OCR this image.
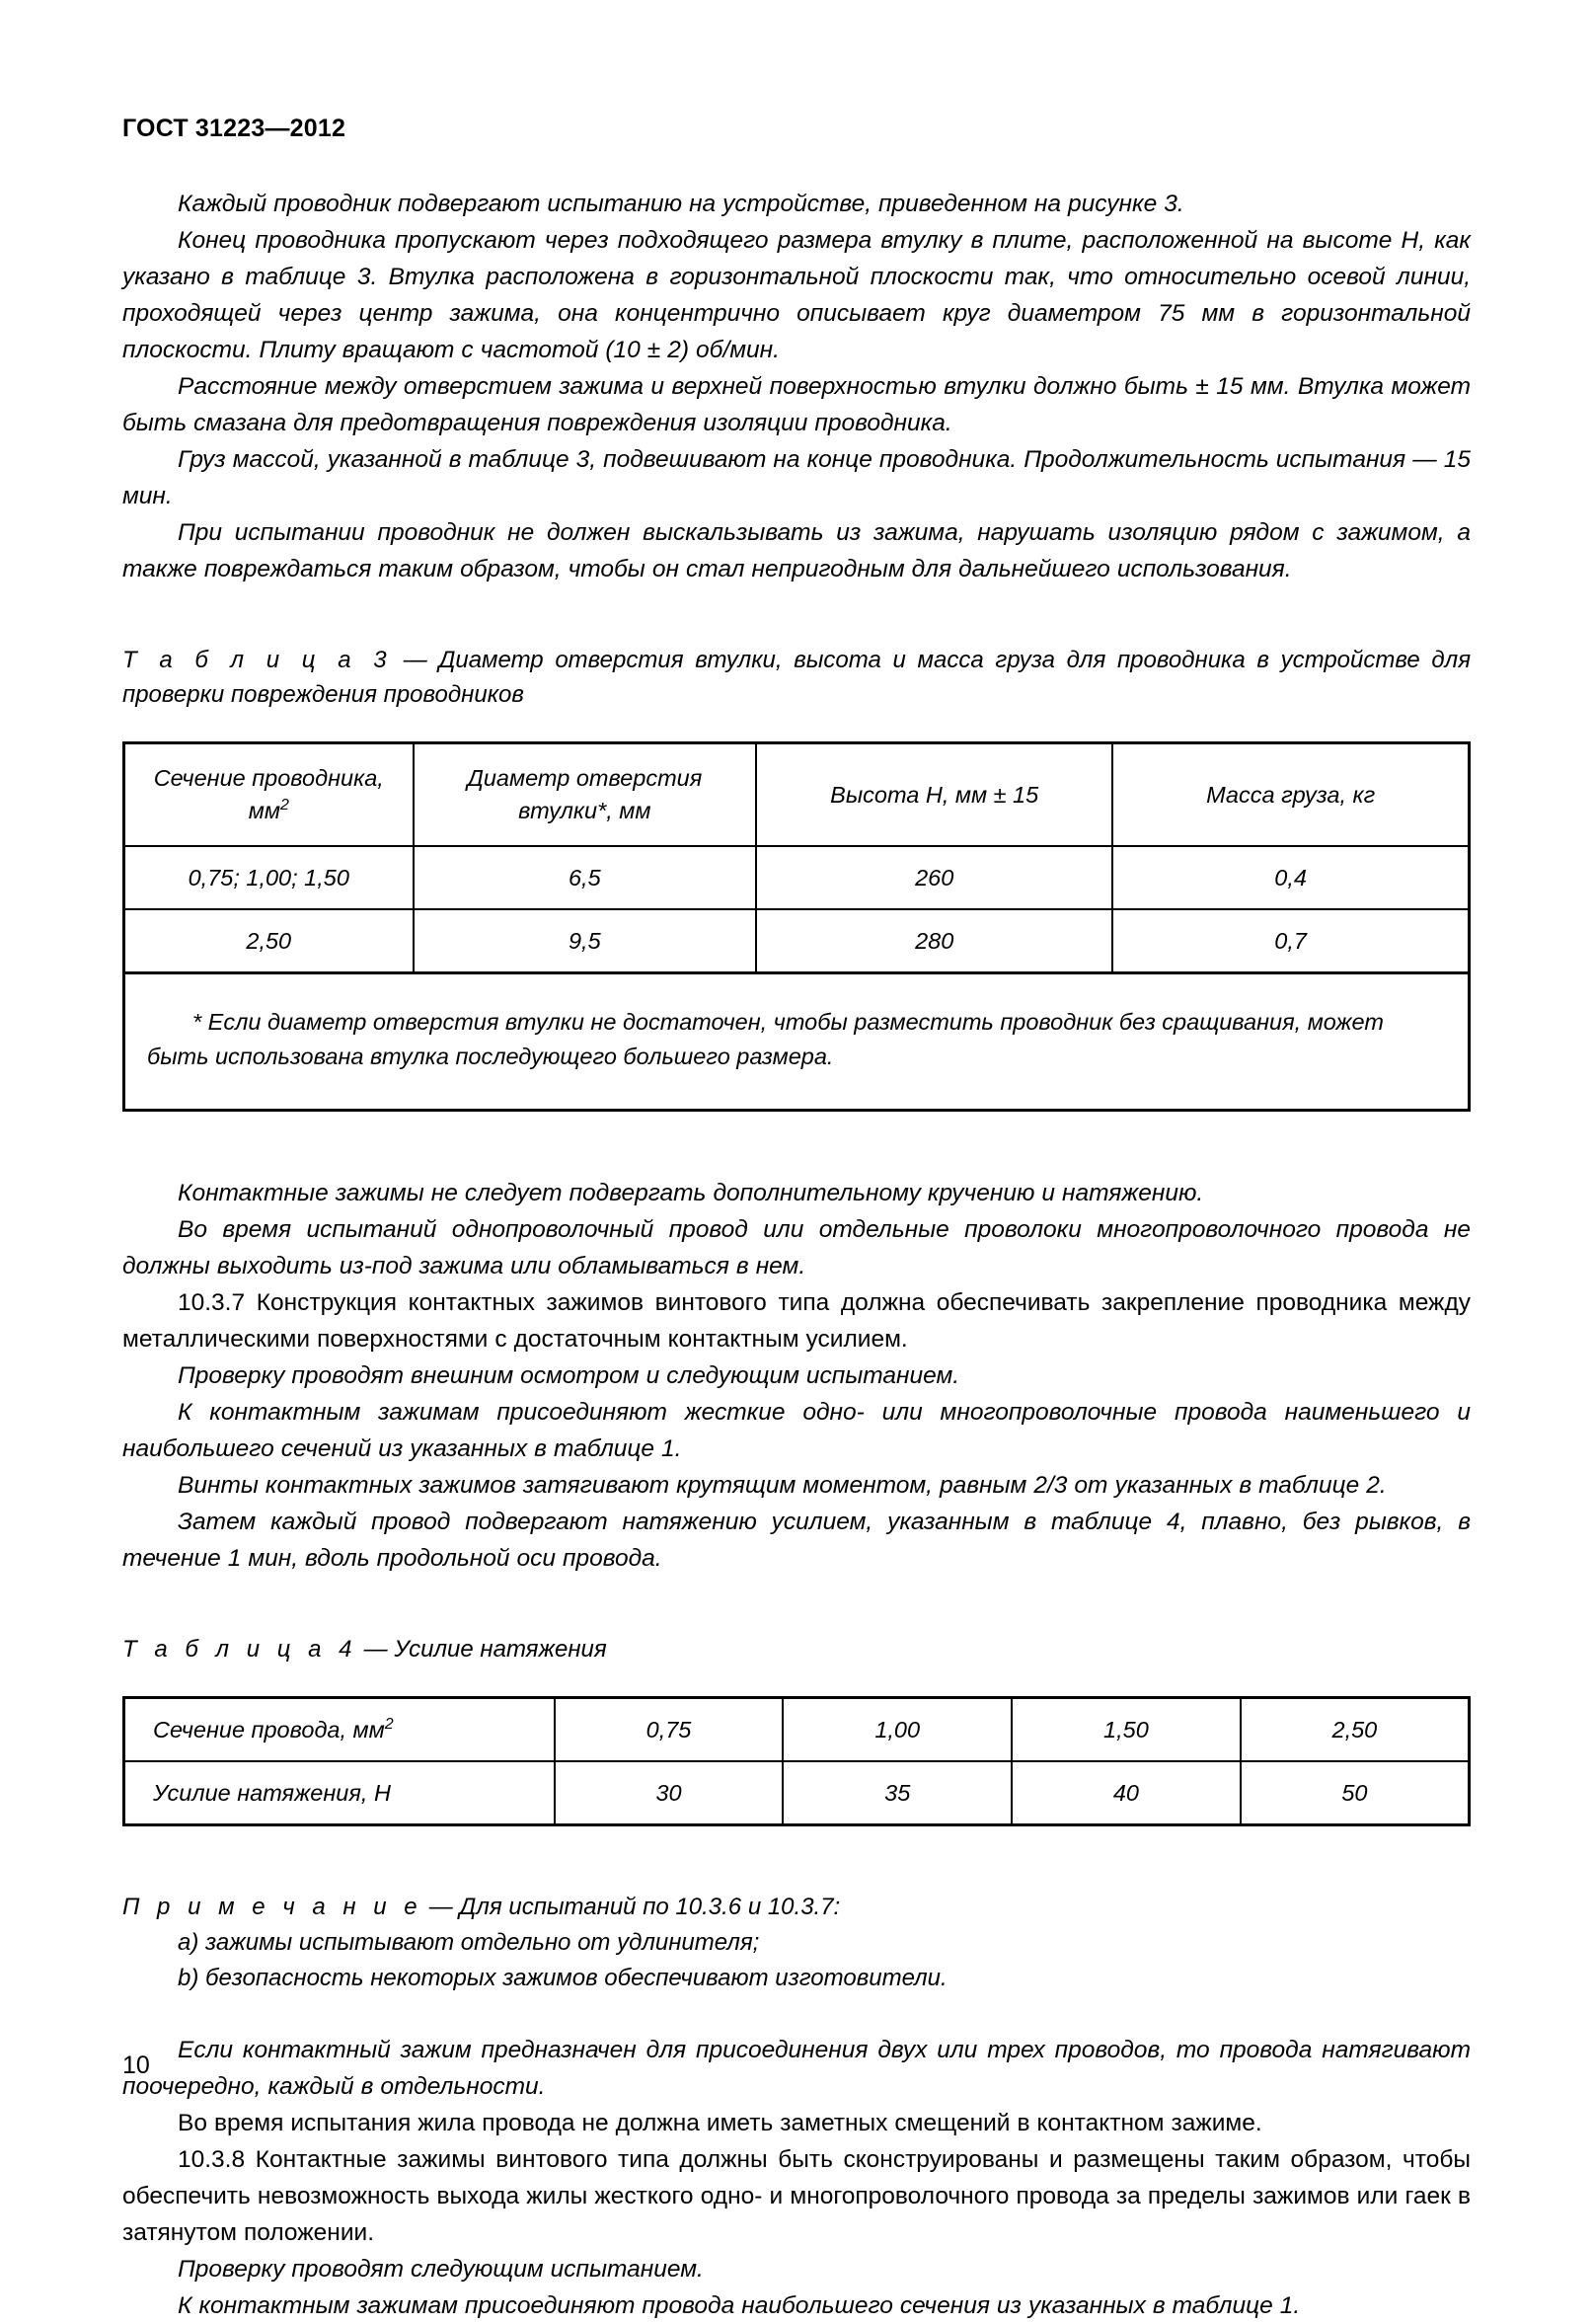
ГОСТ 31223—2012

Каждый проводник подвергают испытанию на устройстве, приведенном на рисунке 3.

Конец проводника пропускают через подходящего размера втулку в плите, расположенной на высоте Н, как указано в таблице 3. Втулка расположена в горизонтальной плоскости так, что относительно осевой линии, проходящей через центр зажима, она концентрично описывает круг диаметром 75 мм в горизонтальной плоскости. Плиту вращают с частотой (10 ± 2) об/мин.

Расстояние между отверстием зажима и верхней поверхностью втулки должно быть ± 15 мм. Втулка может быть смазана для предотвращения повреждения изоляции проводника.

Груз массой, указанной в таблице 3, подвешивают на конце проводника. Продолжительность испытания — 15 мин.

При испытании проводник не должен выскальзывать из зажима, нарушать изоляцию рядом с зажимом, а также повреждаться таким образом, чтобы он стал непригодным для дальнейшего использования.

Т а б л и ц а 3 — Диаметр отверстия втулки, высота и масса груза для проводника в устройстве для проверки повреждения проводников

Сечение проводника, $мм^2$	Диаметр отверстия втулки*, мм	Высота Н, мм ± 15	Масса груза, кг
0,75; 1,00; 1,50	6,5	260	0,4
2,50	9,5	280	0,7

* Если диаметр отверстия втулки не достаточен, чтобы разместить проводник без сращивания, может быть использована втулка последующего большего размера.			

Контактные зажимы не следует подвергать дополнительному кручению и натяжению.

Во время испытаний однопроволочный провод или отдельные проволоки многопроволочного провода не должны выходить из-под зажима или обламываться в нем.

10.3.7 Конструкция контактных зажимов винтового типа должна обеспечивать закрепление проводника между металлическими поверхностями с достаточным контактным усилием.

Проверку проводят внешним осмотром и следующим испытанием.

К контактным зажимам присоединяют жесткие одно- или многопроволочные провода наименьшего и наибольшего сечений из указанных в таблице 1.

Винты контактных зажимов затягивают крутящим моментом, равным 2/3 от указанных в таблице 2.

Затем каждый провод подвергают натяжению усилием, указанным в таблице 4, плавно, без рывков, в течение 1 мин, вдоль продольной оси провода.

Т а б л и ц а 4 — Усилие натяжения

Сечение провода, $мм^2$	0,75	1,00	1,50	2,50
Усилие натяжения, Н	30	35	40	50
П р и м е ч а н и е — Для испытаний по 10.3.6 и 10.3.7:
a) зажимы испытывают отдельно от удлинителя;
b) безопасность некоторых зажимов обеспечивают изготовители.

Если контактный зажим предназначен для присоединения двух или трех проводов, то провода натягивают поочередно, каждый в отдельности.

Во время испытания жила провода не должна иметь заметных смещений в контактном зажиме.

10.3.8 Контактные зажимы винтового типа должны быть сконструированы и размещены таким образом, чтобы обеспечить невозможность выхода жилы жесткого одно- и многопроволочного провода за пределы зажимов или гаек в затянутом положении.

Проверку проводят следующим испытанием.

К контактным зажимам присоединяют провода наибольшего сечения из указанных в таблице 1.

10
